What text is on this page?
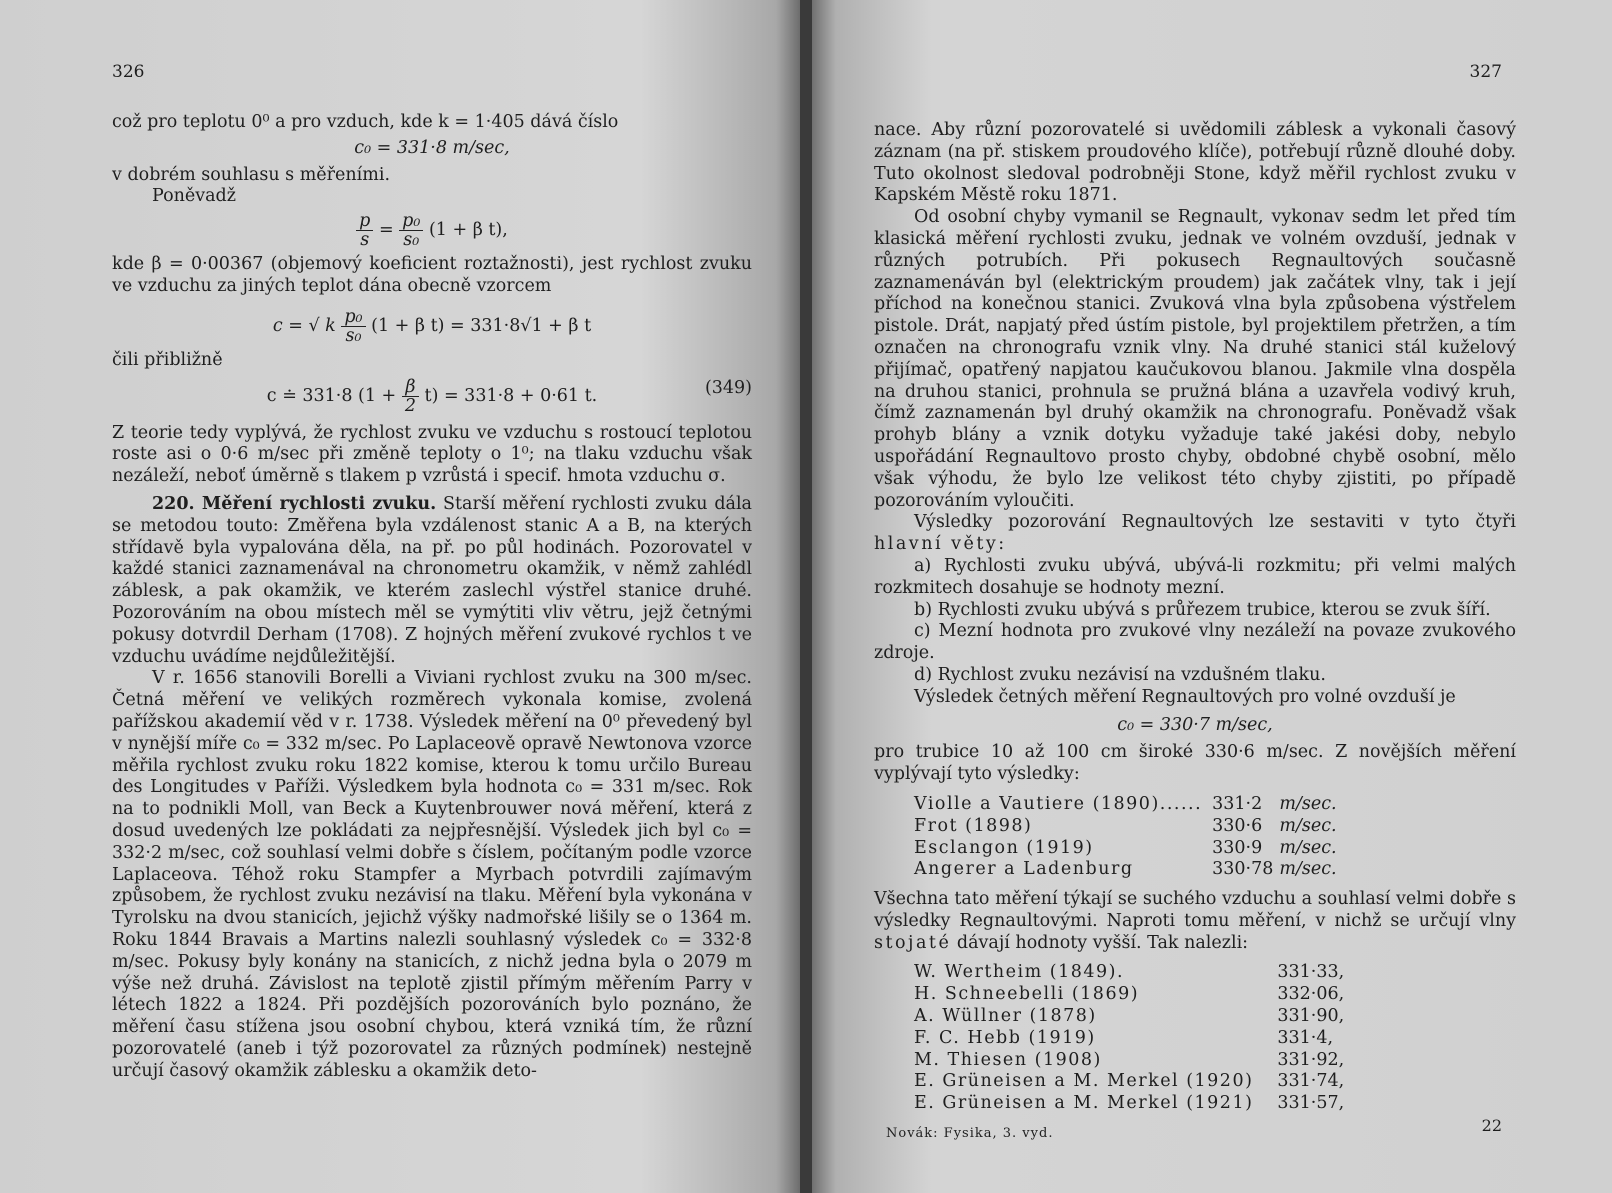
326

což pro teplotu 0⁰ a pro vzduch, kde k = 1·405 dává číslo

c₀ = 331·8 m/sec,

v dobrém souhlasu s měřeními.

Poněvadž

$\frac{p}{s} = \frac{\text{p₀}}{\text{s₀}} (1 + \beta$ t),

kde β = 0·00367 (objemový koeficient roztažnosti), jest rychlost zvuku ve vzduchu za jiných teplot dána obecně vzorcem

c = √ k $\frac{\text{p₀}}{\text{s₀}} (1 + \beta$ t) = 331·8√1 + β t

čili přibližně

c ≐ 331·8 $(1 + \frac{\beta}{2} t) = 331\cdot 8 + 0\cdot 61$ t.	(349)

Z teorie tedy vyplývá, že rychlost zvuku ve vzduchu s rostoucí teplotou roste asi o 0·6 m/sec při změně teploty o 1⁰; na tlaku vzduchu však nezáleží, neboť úměrně s tlakem p vzrůstá i specif. hmota vzduchu σ.

220. Měření rychlosti zvuku. Starší měření rychlosti zvuku dála se metodou touto: Změřena byla vzdálenost stanic A a B, na kterých střídavě byla vypalována děla, na př. po půl hodinách. Pozorovatel v každé stanici zaznamenával na chronometru okamžik, v němž zahlédl záblesk, a pak okamžik, ve kterém zaslechl výstřel stanice druhé. Pozorováním na obou místech měl se vymýtiti vliv větru, jejž četnými pokusy dotvrdil Derham (1708). Z hojných měření zvukové rychlos t ve vzduchu uvádíme nejdůležitější.

V r. 1656 stanovili Borelli a Viviani rychlost zvuku na 300 m/sec. Četná měření ve velikých rozměrech vykonala komise, zvolená pařížskou akademií věd v r. 1738. Výsledek měření na 0⁰ převedený byl v nynější míře c₀ = 332 m/sec. Po Laplaceově opravě Newtonova vzorce měřila rychlost zvuku roku 1822 komise, kterou k tomu určilo Bureau des Longitudes v Paříži. Výsledkem byla hodnota c₀ = 331 m/sec. Rok na to podnikli Moll, van Beck a Kuytenbrouwer nová měření, která z dosud uvedených lze pokládati za nejpřesnější. Výsledek jich byl c₀ = 332·2 m/sec, což souhlasí velmi dobře s číslem, počítaným podle vzorce Laplaceova. Téhož roku Stampfer a Myrbach potvrdili zajímavým způsobem, že rychlost zvuku nezávisí na tlaku. Měření byla vykonána v Tyrolsku na dvou stanicích, jejichž výšky nadmořské lišily se o 1364 m. Roku 1844 Bravais a Martins nalezli souhlasný výsledek c₀ = 332·8 m/sec. Pokusy byly konány na stanicích, z nichž jedna byla o 2079 m výše než druhá. Závislost na teplotě zjistil přímým měřením Parry v létech 1822 a 1824. Při pozdějších pozorováních bylo poznáno, že měření času stížena jsou osobní chybou, která vzniká tím, že různí pozorovatelé (aneb i týž pozorovatel za různých podmínek) nestejně určují časový okamžik záblesku a okamžik deto-

327

nace. Aby různí pozorovatelé si uvědomili záblesk a vykonali časový záznam (na př. stiskem proudového klíče), potřebují různě dlouhé doby. Tuto okolnost sledoval podrobněji Stone, když měřil rychlost zvuku v Kapském Městě roku 1871.

Od osobní chyby vymanil se Regnault, vykonav sedm let před tím klasická měření rychlosti zvuku, jednak ve volném ovzduší, jednak v různých potrubích. Při pokusech Regnaultových současně zaznamenáván byl (elektrickým proudem) jak začátek vlny, tak i její příchod na konečnou stanici. Zvuková vlna byla způsobena výstřelem pistole. Drát, napjatý před ústím pistole, byl projektilem přetržen, a tím označen na chronografu vznik vlny. Na druhé stanici stál kuželový přijímač, opatřený napjatou kaučukovou blanou. Jakmile vlna dospěla na druhou stanici, prohnula se pružná blána a uzavřela vodivý kruh, čímž zaznamenán byl druhý okamžik na chronografu. Poněvadž však prohyb blány a vznik dotyku vyžaduje také jakési doby, nebylo uspořádání Regnaultovo prosto chyby, obdobné chybě osobní, mělo však výhodu, že bylo lze velikost této chyby zjistiti, po případě pozorováním vyloučiti.

Výsledky pozorování Regnaultových lze sestaviti v tyto čtyři hlavní věty:

a) Rychlosti zvuku ubývá, ubývá-li rozkmitu; při velmi malých rozkmitech dosahuje se hodnoty mezní.

b) Rychlosti zvuku ubývá s průřezem trubice, kterou se zvuk šíří.

c) Mezní hodnota pro zvukové vlny nezáleží na povaze zvukového zdroje.

d) Rychlost zvuku nezávisí na vzdušném tlaku.

Výsledek četných měření Regnaultových pro volné ovzduší je

c₀ = 330·7 m/sec,

pro trubice 10 až 100 cm široké 330·6 m/sec. Z novějších měření vyplývají tyto výsledky:

Violle a Vautiere (1890)......	331·2	m/sec.
Frot (1898)	330·6	m/sec.
Esclangon (1919)	330·9	m/sec.
Angerer a Ladenburg	330·78	m/sec.

Všechna tato měření týkají se suchého vzduchu a souhlasí velmi dobře s výsledky Regnaultovými. Naproti tomu měření, v nichž se určují vlny stojaté dávají hodnoty vyšší. Tak nalezli:

W. Wertheim (1849).	331·33,
H. Schneebelli (1869)	332·06,
A. Wüllner (1878)	331·90,
F. C. Hebb (1919)	331·4,
M. Thiesen (1908)	331·92,
E. Grüneisen a M. Merkel (1920)	331·74,
E. Grüneisen a M. Merkel (1921)	331·57,
Novák: Fysika, 3. vyd.	22
